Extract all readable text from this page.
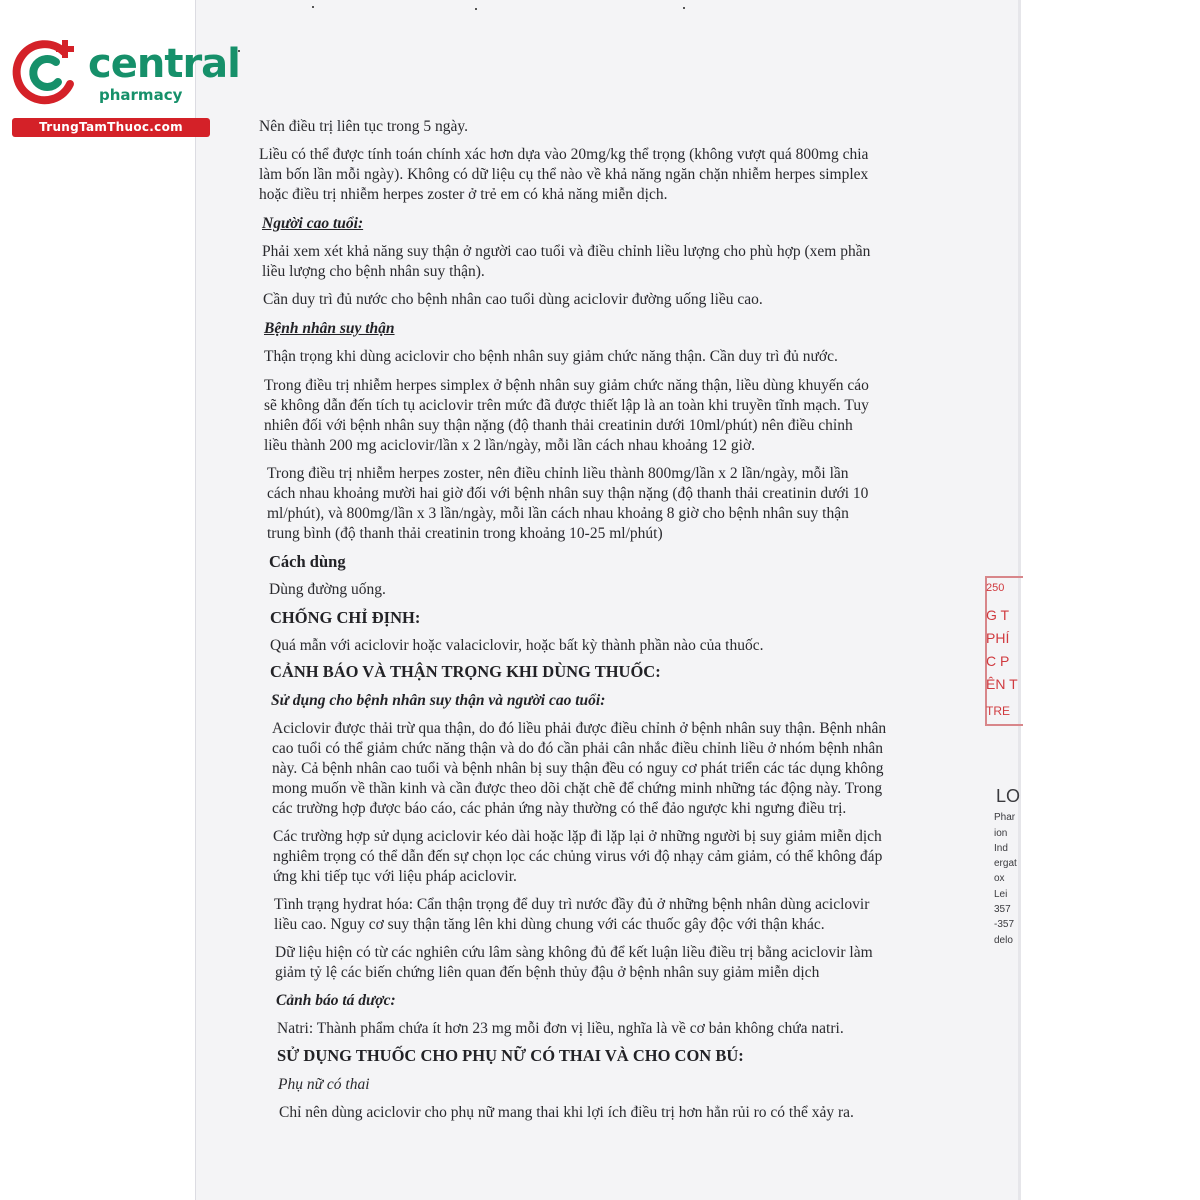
central
pharmacy
TrungTamThuoc.com	Nên điều trị liên tục trong 5 ngày.
Liều có thể được tính toán chính xác hơn dựa vào 20mg/kg thể trọng (không vượt quá 800mg chia
làm bốn lần mỗi ngày). Không có dữ liệu cụ thể nào về khả năng ngăn chặn nhiễm herpes simplex
hoặc điều trị nhiễm herpes zoster ở trẻ em có khả năng miễn dịch.
Người cao tuổi:
Phải xem xét khả năng suy thận ở người cao tuổi và điều chỉnh liều lượng cho phù hợp (xem phần
liều lượng cho bệnh nhân suy thận).
Cần duy trì đủ nước cho bệnh nhân cao tuổi dùng aciclovir đường uống liều cao.
Bệnh nhân suy thận
Thận trọng khi dùng aciclovir cho bệnh nhân suy giảm chức năng thận. Cần duy trì đủ nước.
Trong điều trị nhiễm herpes simplex ở bệnh nhân suy giảm chức năng thận, liều dùng khuyến cáo
sẽ không dẫn đến tích tụ aciclovir trên mức đã được thiết lập là an toàn khi truyền tĩnh mạch. Tuy
nhiên đối với bệnh nhân suy thận nặng (độ thanh thải creatinin dưới 10ml/phút) nên điều chỉnh
liều thành 200 mg aciclovir/lần x 2 lần/ngày, mỗi lần cách nhau khoảng 12 giờ.
Trong điều trị nhiễm herpes zoster, nên điều chỉnh liều thành 800mg/lần x 2 lần/ngày, mỗi lần
cách nhau khoảng mười hai giờ đối với bệnh nhân suy thận nặng (độ thanh thải creatinin dưới 10
ml/phút), và 800mg/lần x 3 lần/ngày, mỗi lần cách nhau khoảng 8 giờ cho bệnh nhân suy thận
trung bình (độ thanh thải creatinin trong khoảng 10-25 ml/phút)
Cách dùng
Dùng đường uống.
CHỐNG CHỈ ĐỊNH:
Quá mẫn với aciclovir hoặc valaciclovir, hoặc bất kỳ thành phần nào của thuốc.
CẢNH BÁO VÀ THẬN TRỌNG KHI DÙNG THUỐC:
Sử dụng cho bệnh nhân suy thận và người cao tuổi:
Aciclovir được thải trừ qua thận, do đó liều phải được điều chỉnh ở bệnh nhân suy thận. Bệnh nhân
cao tuổi có thể giảm chức năng thận và do đó cần phải cân nhắc điều chỉnh liều ở nhóm bệnh nhân
này. Cả bệnh nhân cao tuổi và bệnh nhân bị suy thận đều có nguy cơ phát triển các tác dụng không
mong muốn về thần kinh và cần được theo dõi chặt chẽ để chứng minh những tác động này. Trong
các trường hợp được báo cáo, các phản ứng này thường có thể đảo ngược khi ngưng điều trị.
Các trường hợp sử dụng aciclovir kéo dài hoặc lặp đi lặp lại ở những người bị suy giảm miễn dịch
nghiêm trọng có thể dẫn đến sự chọn lọc các chủng virus với độ nhạy cảm giảm, có thể không đáp
ứng khi tiếp tục với liệu pháp aciclovir.
Tình trạng hydrat hóa: Cẩn thận trọng để duy trì nước đầy đủ ở những bệnh nhân dùng aciclovir
liều cao. Nguy cơ suy thận tăng lên khi dùng chung với các thuốc gây độc với thận khác.
Dữ liệu hiện có từ các nghiên cứu lâm sàng không đủ để kết luận liều điều trị bằng aciclovir làm
giảm tỷ lệ các biến chứng liên quan đến bệnh thủy đậu ở bệnh nhân suy giảm miễn dịch
Cảnh báo tá dược:
Natri: Thành phẩm chứa ít hơn 23 mg mỗi đơn vị liều, nghĩa là về cơ bản không chứa natri.
SỬ DỤNG THUỐC CHO PHỤ NỮ CÓ THAI VÀ CHO CON BÚ:
Phụ nữ có thai
Chỉ nên dùng aciclovir cho phụ nữ mang thai khi lợi ích điều trị hơn hẳn rủi ro có thể xảy ra.
250
G T
PHÍ
C P
ÊN T
TRE
LO
Phar
ion
Ind
ergat
ox
Lei
357
-357
delo
